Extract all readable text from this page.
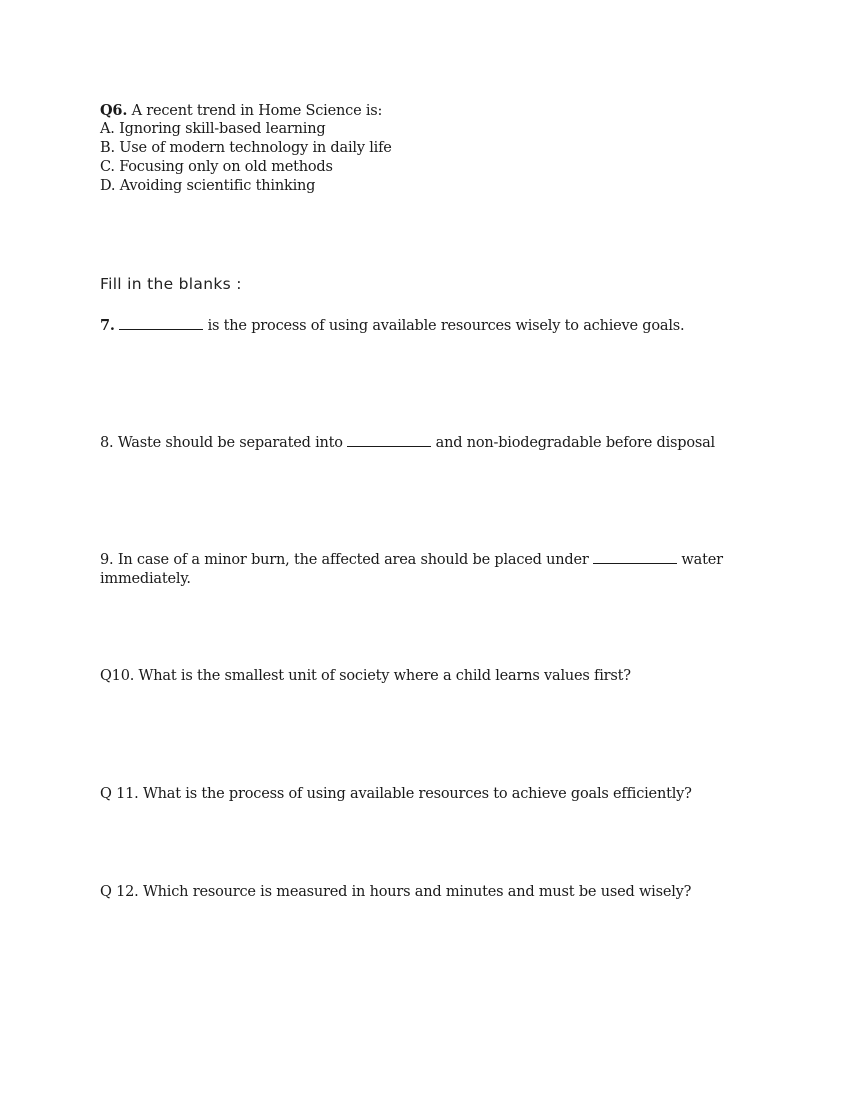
Q6. A recent trend in Home Science is:
A. Ignoring skill-based learning
B. Use of modern technology in daily life
C. Focusing only on old methods
D. Avoiding scientific thinking
Fill in the blanks :
7.	is the process of using available resources wisely to achieve goals.
8. Waste should be separated into	and non-biodegradable before disposal
9. In case of a minor burn, the affected area should be placed under	water
immediately.
Q10. What is the smallest unit of society where a child learns values first?
Q 11. What is the process of using available resources to achieve goals efficiently?
Q 12. Which resource is measured in hours and minutes and must be used wisely?
